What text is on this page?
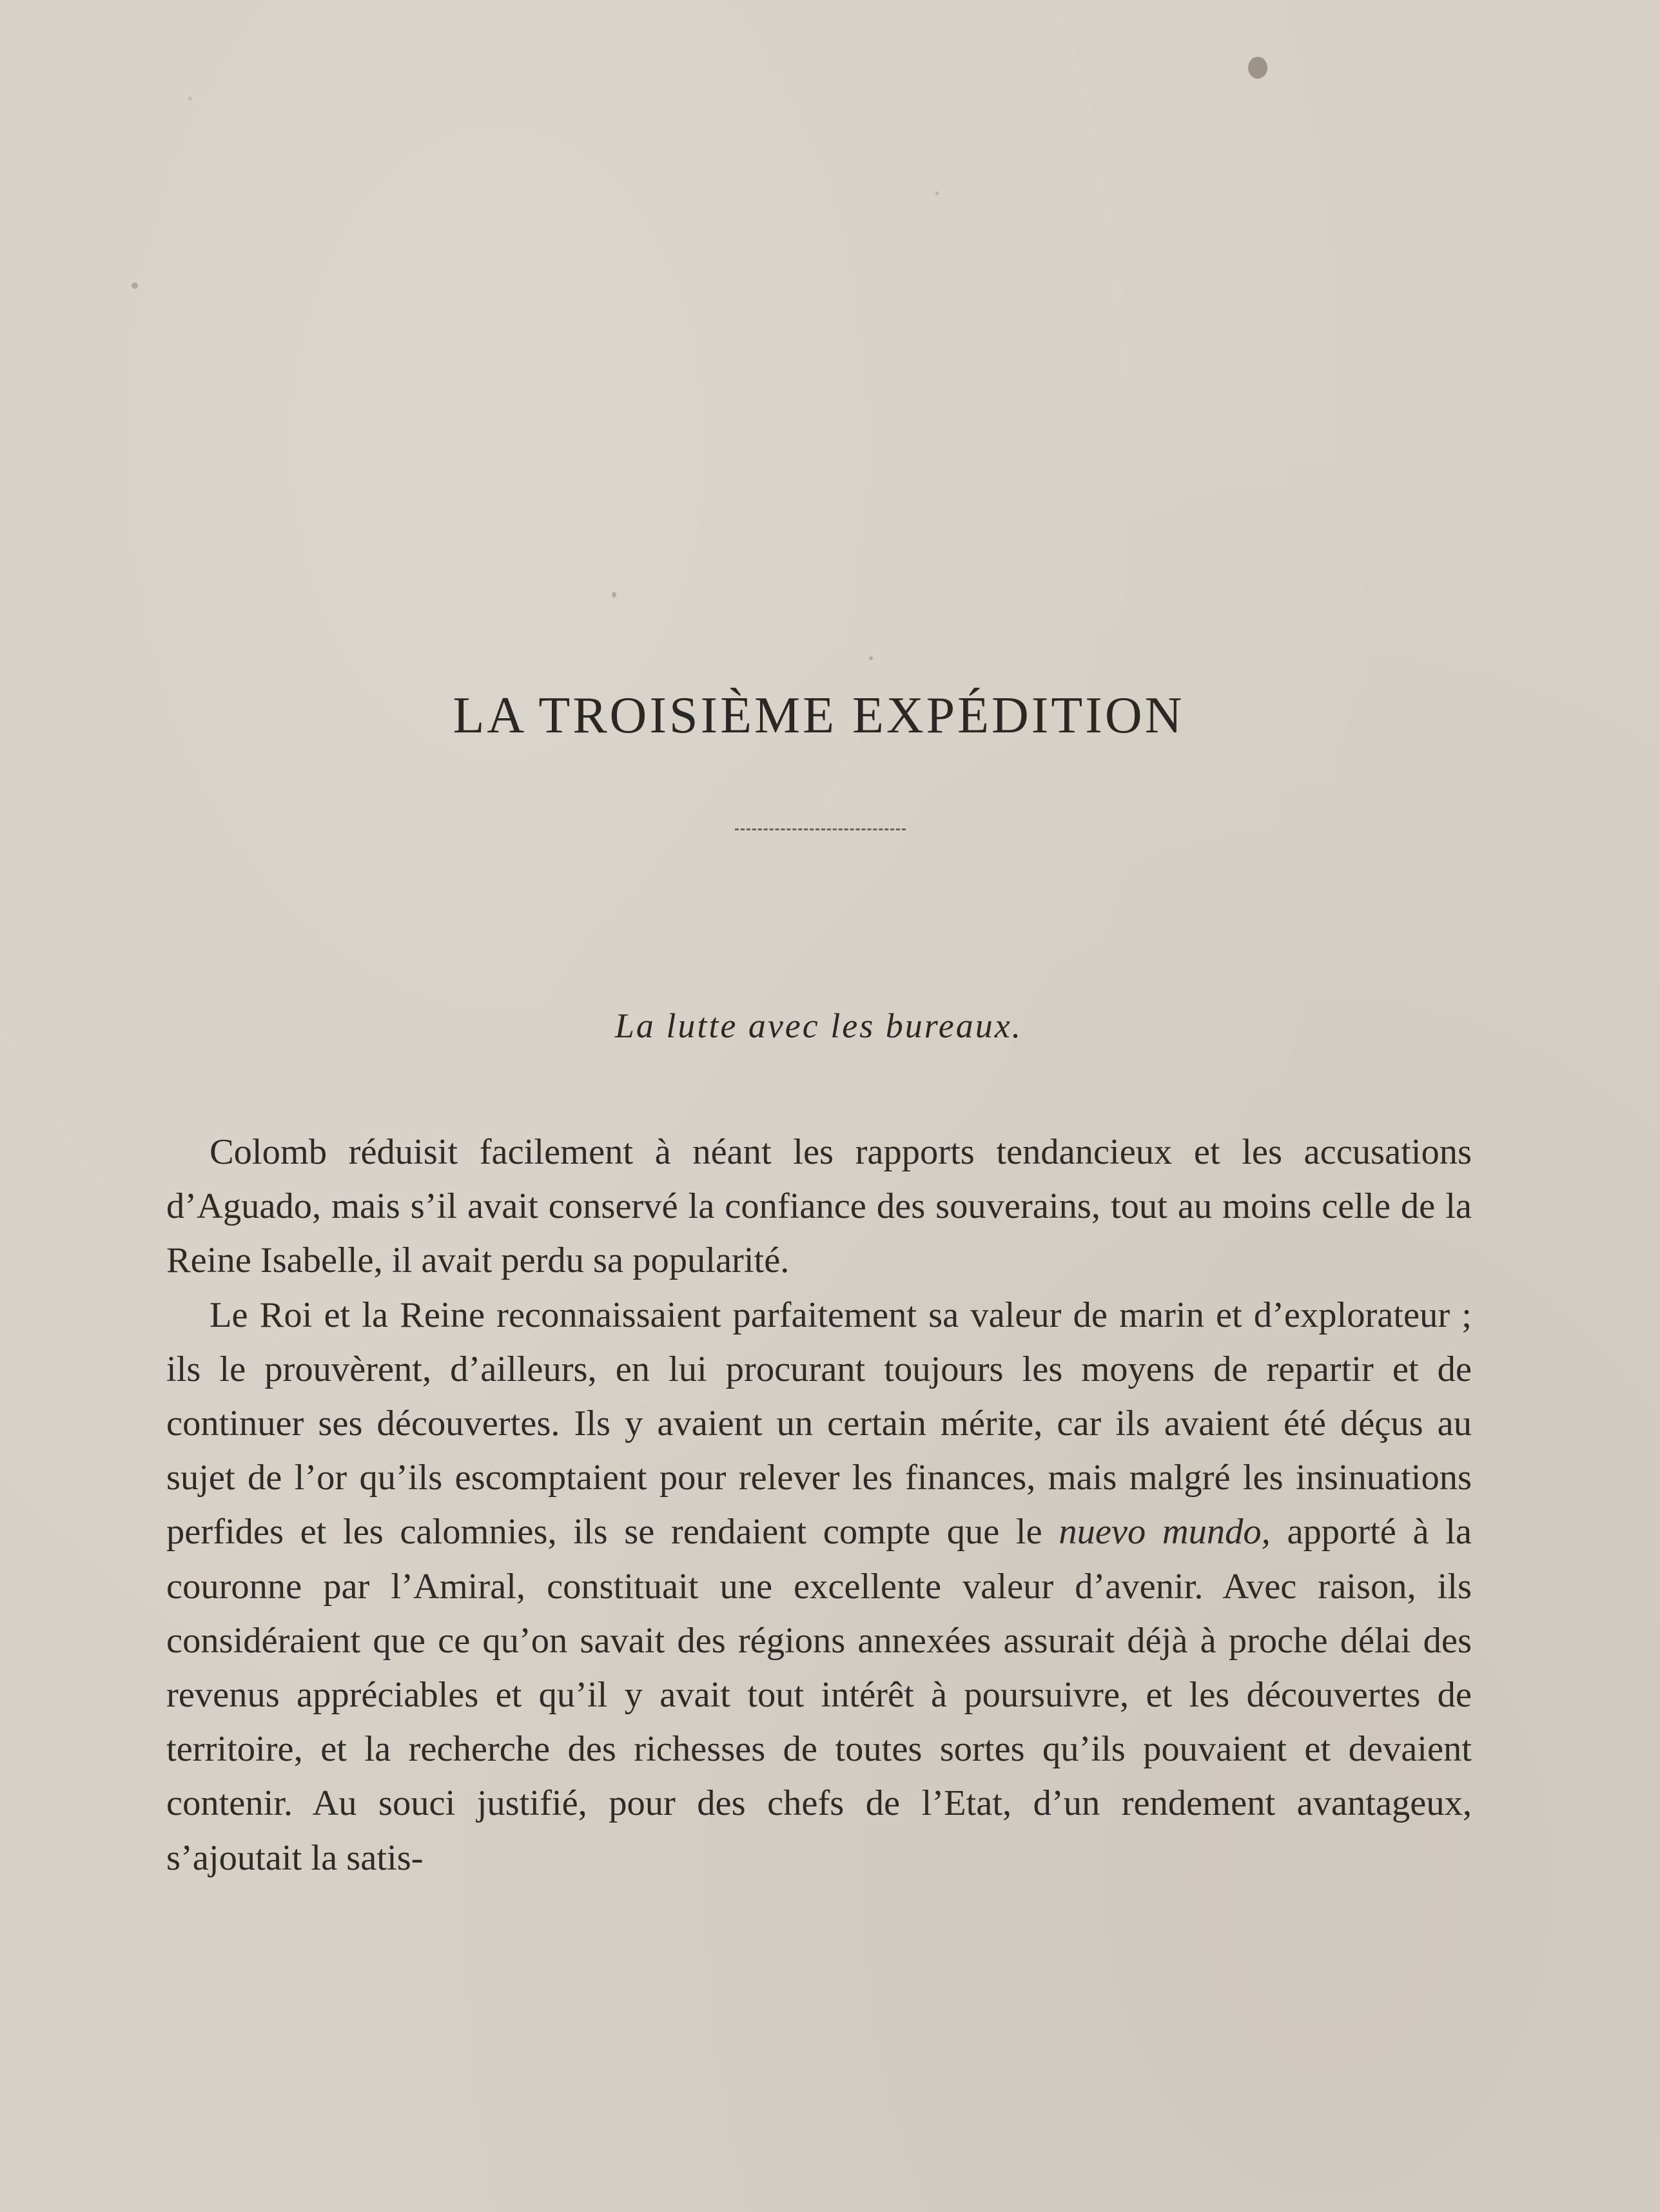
LA TROISIÈME EXPÉDITION
La lutte avec les bureaux.

Colomb réduisit facilement à néant les rapports tendancieux et les accusations d’Aguado, mais s’il avait conservé la confiance des souverains, tout au moins celle de la Reine Isabelle, il avait perdu sa popularité.

Le Roi et la Reine reconnaissaient parfaitement sa valeur de marin et d’explorateur ; ils le prouvèrent, d’ailleurs, en lui procurant toujours les moyens de repartir et de continuer ses découvertes. Ils y avaient un certain mérite, car ils avaient été déçus au sujet de l’or qu’ils escomptaient pour relever les finances, mais malgré les insinuations perfides et les calomnies, ils se rendaient compte que le nuevo mundo, apporté à la couronne par l’Amiral, constituait une excellente valeur d’avenir. Avec raison, ils considéraient que ce qu’on savait des régions annexées assurait déjà à proche délai des revenus appréciables et qu’il y avait tout intérêt à poursuivre, et les découvertes de territoire, et la recherche des richesses de toutes sortes qu’ils pouvaient et devaient contenir. Au souci justifié, pour des chefs de l’Etat, d’un rendement avantageux, s’ajoutait la satis-
